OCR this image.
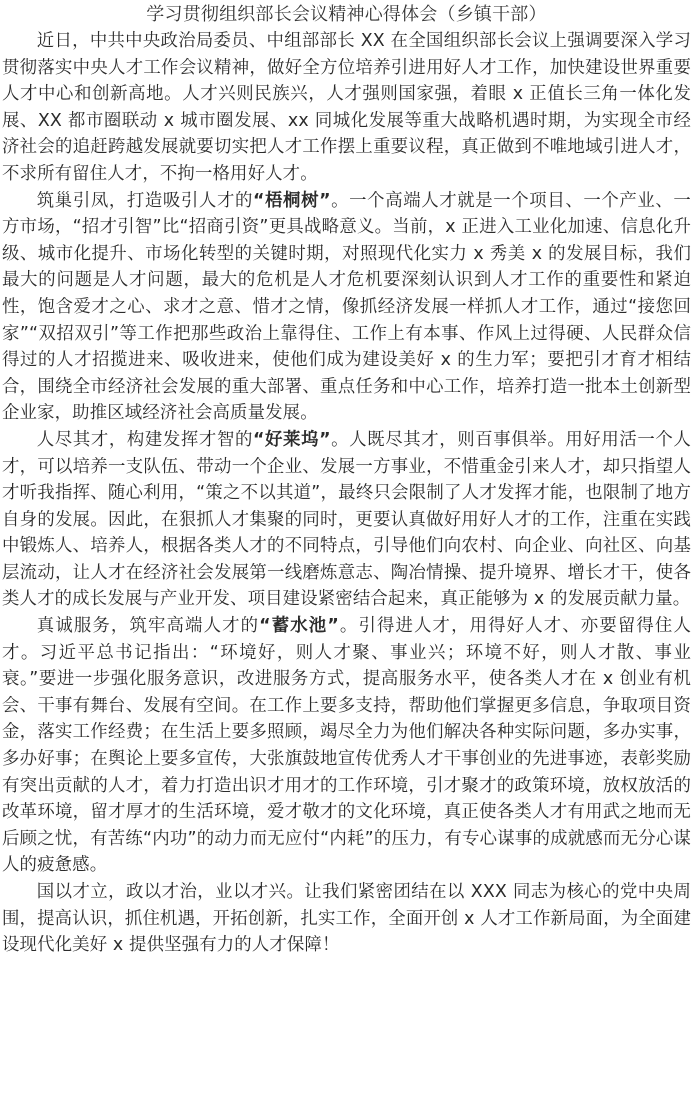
学习贯彻组织部长会议精神心得体会（乡镇干部）

近日，中共中央政治局委员、中组部部长 XX 在全国组织部长会议上强调要深入学习贯彻落实中央人才工作会议精神，做好全方位培养引进用好人才工作，加快建设世界重要人才中心和创新高地。人才兴则民族兴，人才强则国家强，着眼 x 正值长三角一体化发展、XX 都市圈联动 x 城市圈发展、xx 同城化发展等重大战略机遇时期，为实现全市经济社会的追赶跨越发展就要切实把人才工作摆上重要议程，真正做到不唯地域引进人才，不求所有留住人才，不拘一格用好人才。

筑巢引凤，打造吸引人才的“梧桐树”。一个高端人才就是一个项目、一个产业、一方市场，“招才引智”比“招商引资”更具战略意义。当前，x 正进入工业化加速、信息化升级、城市化提升、市场化转型的关键时期，对照现代化实力 x 秀美 x 的发展目标，我们最大的问题是人才问题，最大的危机是人才危机要深刻认识到人才工作的重要性和紧迫性，饱含爱才之心、求才之意、惜才之情，像抓经济发展一样抓人才工作，通过“接您回家”“双招双引”等工作把那些政治上靠得住、工作上有本事、作风上过得硬、人民群众信得过的人才招揽进来、吸收进来，使他们成为建设美好 x 的生力军；要把引才育才相结合，围绕全市经济社会发展的重大部署、重点任务和中心工作，培养打造一批本土创新型企业家，助推区域经济社会高质量发展。

人尽其才，构建发挥才智的“好莱坞”。人既尽其才，则百事俱举。用好用活一个人才，可以培养一支队伍、带动一个企业、发展一方事业，不惜重金引来人才，却只指望人才听我指挥、随心利用，“策之不以其道”，最终只会限制了人才发挥才能，也限制了地方自身的发展。因此，在狠抓人才集聚的同时，更要认真做好用好人才的工作，注重在实践中锻炼人、培养人，根据各类人才的不同特点，引导他们向农村、向企业、向社区、向基层流动，让人才在经济社会发展第一线磨炼意志、陶冶情操、提升境界、增长才干，使各类人才的成长发展与产业开发、项目建设紧密结合起来，真正能够为 x 的发展贡献力量。

真诚服务，筑牢高端人才的“蓄水池”。引得进人才，用得好人才、亦要留得住人才。习近平总书记指出：“环境好，则人才聚、事业兴；环境不好，则人才散、事业衰。”要进一步强化服务意识，改进服务方式，提高服务水平，使各类人才在 x 创业有机会、干事有舞台、发展有空间。在工作上要多支持，帮助他们掌握更多信息，争取项目资金，落实工作经费；在生活上要多照顾，竭尽全力为他们解决各种实际问题，多办实事，多办好事；在舆论上要多宣传，大张旗鼓地宣传优秀人才干事创业的先进事迹，表彰奖励有突出贡献的人才，着力打造出识才用才的工作环境，引才聚才的政策环境，放权放活的改革环境，留才厚才的生活环境，爱才敬才的文化环境，真正使各类人才有用武之地而无后顾之忧，有苦练“内功”的动力而无应付“内耗”的压力，有专心谋事的成就感而无分心谋人的疲惫感。

国以才立，政以才治，业以才兴。让我们紧密团结在以 XXX 同志为核心的党中央周围，提高认识，抓住机遇，开拓创新，扎实工作，全面开创 x 人才工作新局面，为全面建设现代化美好 x 提供坚强有力的人才保障！
